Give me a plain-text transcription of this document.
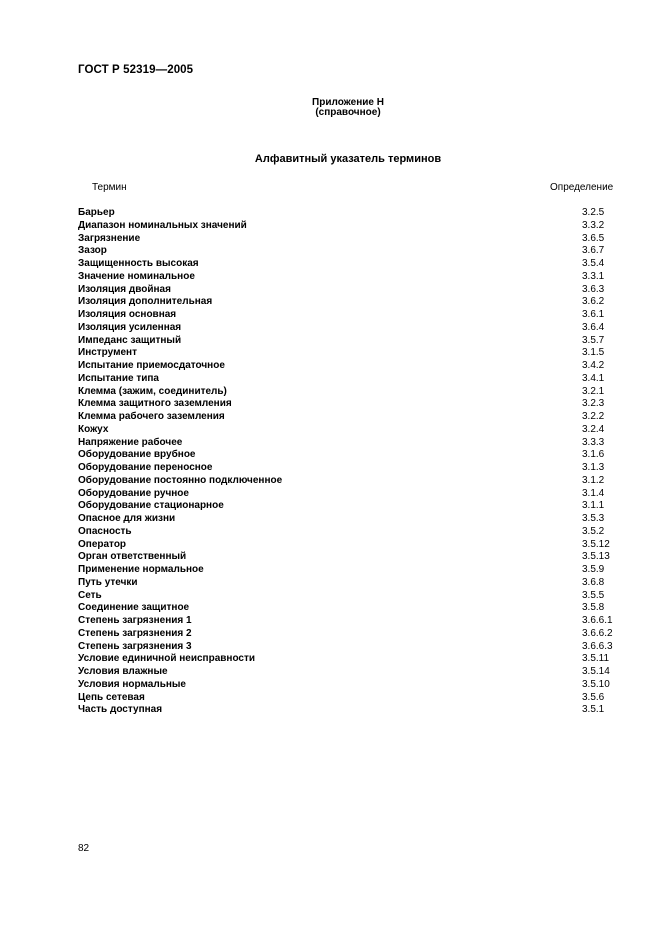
ГОСТ Р 52319—2005
Приложение Н
(справочное)
Алфавитный указатель терминов
Термин	Определение
Барьер	3.2.5
Диапазон номинальных значений	3.3.2
Загрязнение	3.6.5
Зазор	3.6.7
Защищенность высокая	3.5.4
Значение номинальное	3.3.1
Изоляция двойная	3.6.3
Изоляция дополнительная	3.6.2
Изоляция основная	3.6.1
Изоляция усиленная	3.6.4
Импеданс защитный	3.5.7
Инструмент	3.1.5
Испытание приемосдаточное	3.4.2
Испытание типа	3.4.1
Клемма (зажим, соединитель)	3.2.1
Клемма защитного заземления	3.2.3
Клемма рабочего заземления	3.2.2
Кожух	3.2.4
Напряжение рабочее	3.3.3
Оборудование врубное	3.1.6
Оборудование переносное	3.1.3
Оборудование постоянно подключенное	3.1.2
Оборудование ручное	3.1.4
Оборудование стационарное	3.1.1
Опасное для жизни	3.5.3
Опасность	3.5.2
Оператор	3.5.12
Орган ответственный	3.5.13
Применение нормальное	3.5.9
Путь утечки	3.6.8
Сеть	3.5.5
Соединение защитное	3.5.8
Степень загрязнения 1	3.6.6.1
Степень загрязнения 2	3.6.6.2
Степень загрязнения 3	3.6.6.3
Условие единичной неисправности	3.5.11
Условия влажные	3.5.14
Условия нормальные	3.5.10
Цепь сетевая	3.5.6
Часть доступная	3.5.1
82
